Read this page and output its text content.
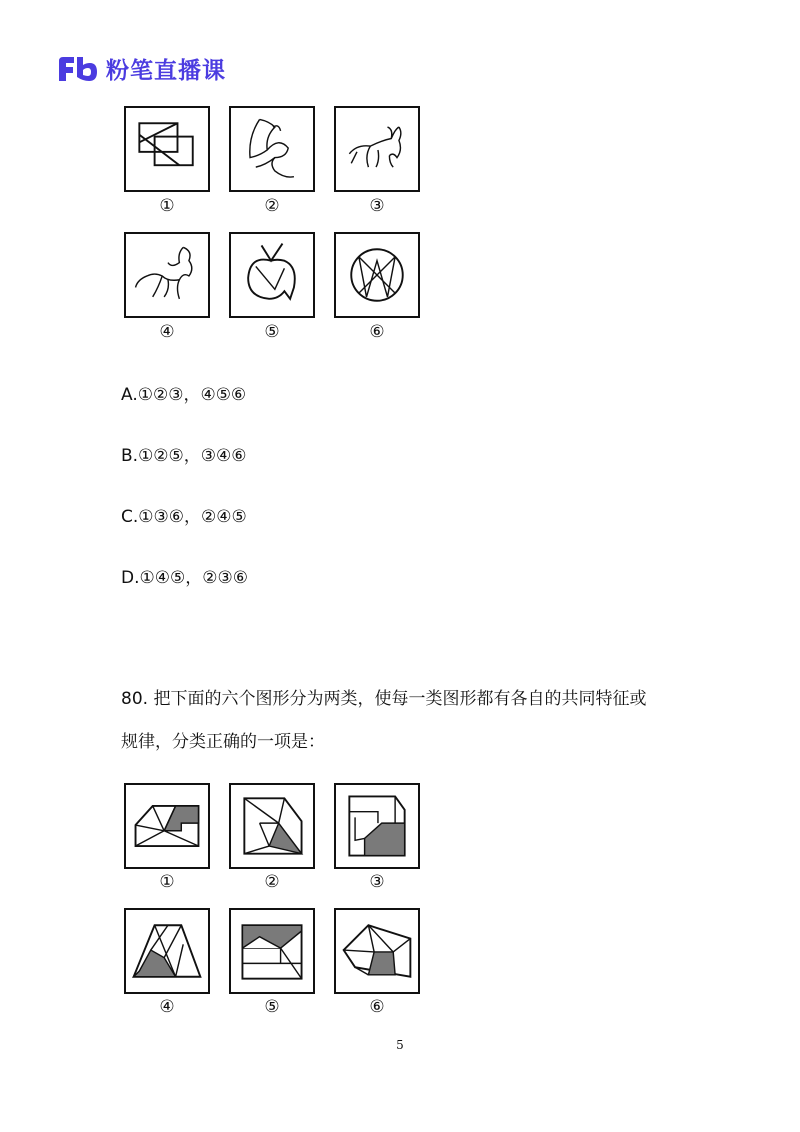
粉笔直播课
①	②	③
④	⑤	⑥
A.①②③，④⑤⑥
B.①②⑤，③④⑥
C.①③⑥，②④⑤
D.①④⑤，②③⑥
80. 把下面的六个图形分为两类，使每一类图形都有各自的共同特征或
规律，分类正确的一项是：
①	②	③
④	⑤	⑥
5
